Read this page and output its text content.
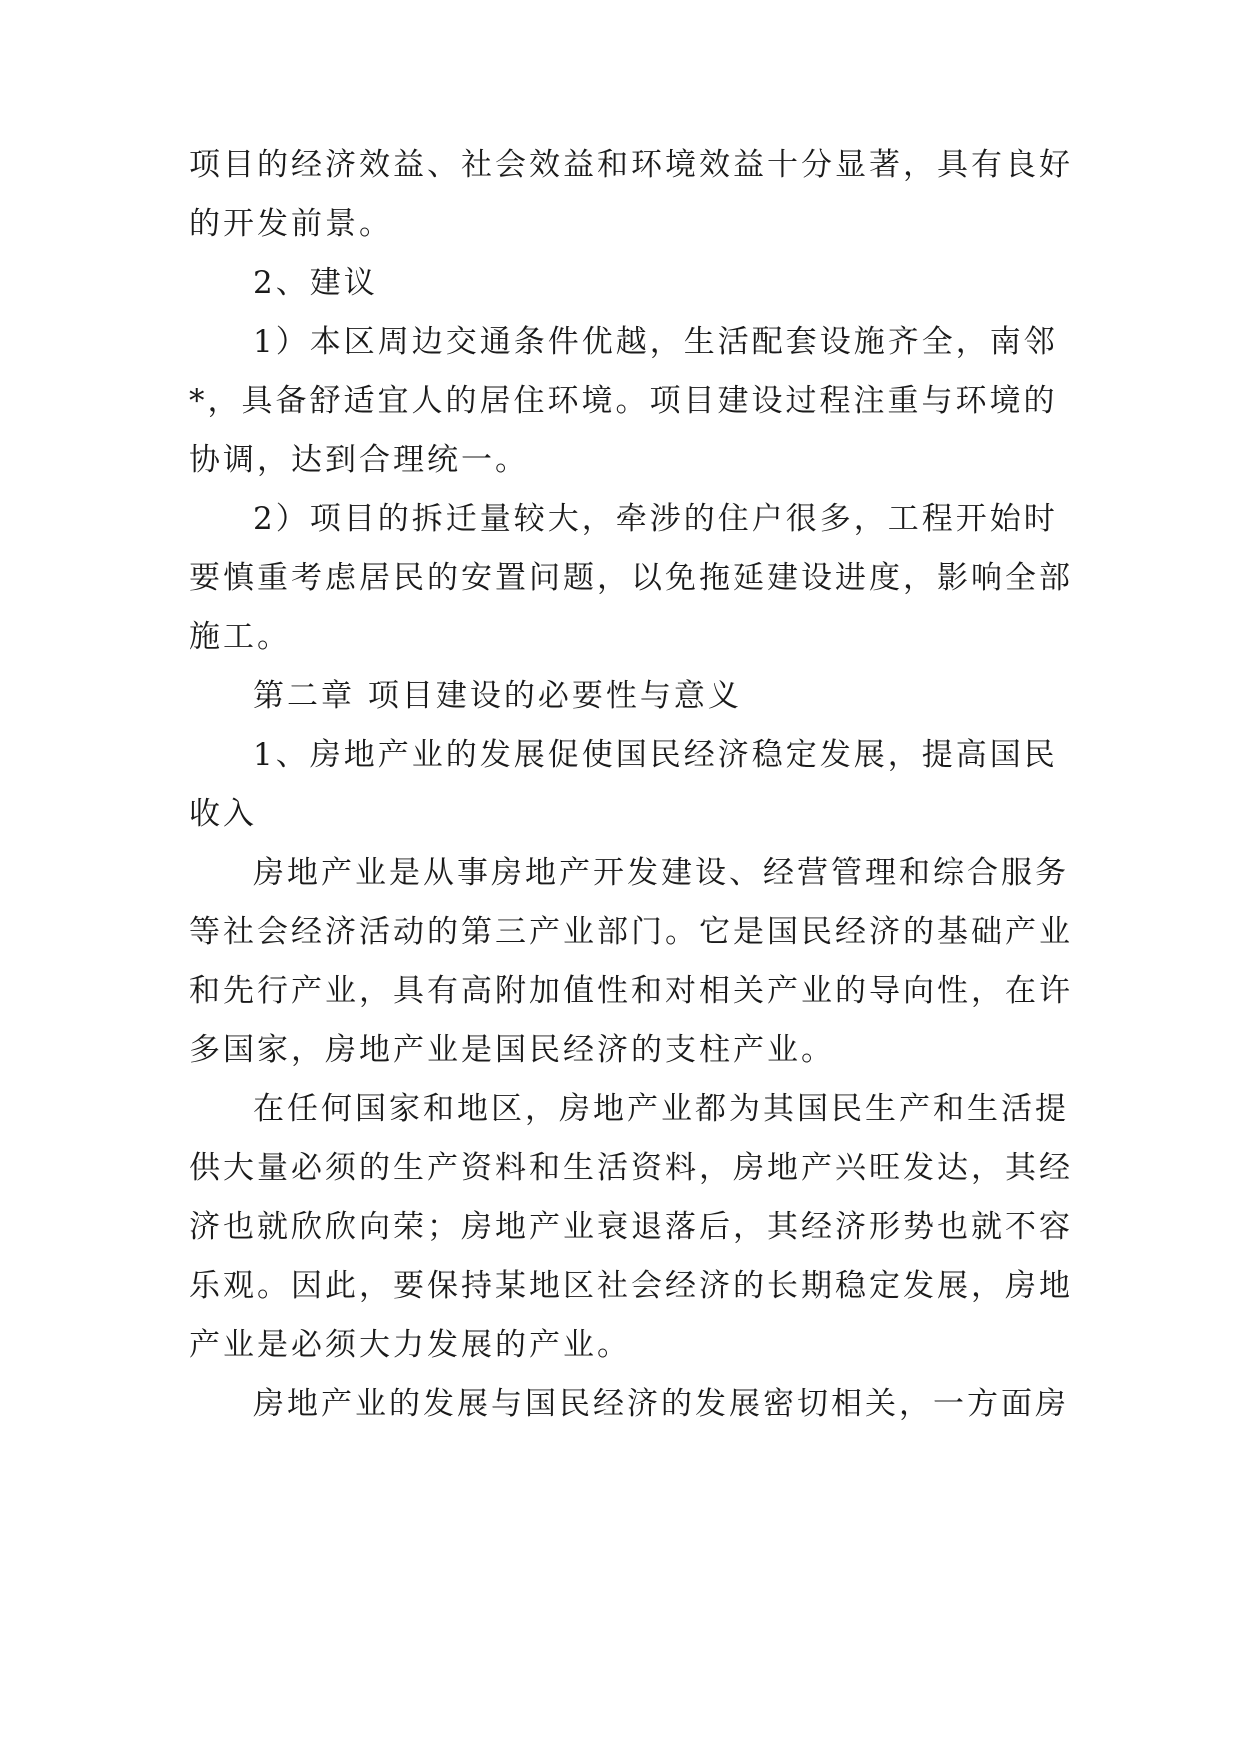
项目的经济效益、社会效益和环境效益十分显著，具有良好
的开发前景。
2、建议
1）本区周边交通条件优越，生活配套设施齐全，南邻
*，具备舒适宜人的居住环境。项目建设过程注重与环境的
协调，达到合理统一。
2）项目的拆迁量较大，牵涉的住户很多，工程开始时
要慎重考虑居民的安置问题，以免拖延建设进度，影响全部
施工。
第二章 项目建设的必要性与意义
1、房地产业的发展促使国民经济稳定发展，提高国民
收入
房地产业是从事房地产开发建设、经营管理和综合服务
等社会经济活动的第三产业部门。它是国民经济的基础产业
和先行产业，具有高附加值性和对相关产业的导向性，在许
多国家，房地产业是国民经济的支柱产业。
在任何国家和地区，房地产业都为其国民生产和生活提
供大量必须的生产资料和生活资料，房地产兴旺发达，其经
济也就欣欣向荣；房地产业衰退落后，其经济形势也就不容
乐观。因此，要保持某地区社会经济的长期稳定发展，房地
产业是必须大力发展的产业。
房地产业的发展与国民经济的发展密切相关，一方面房
